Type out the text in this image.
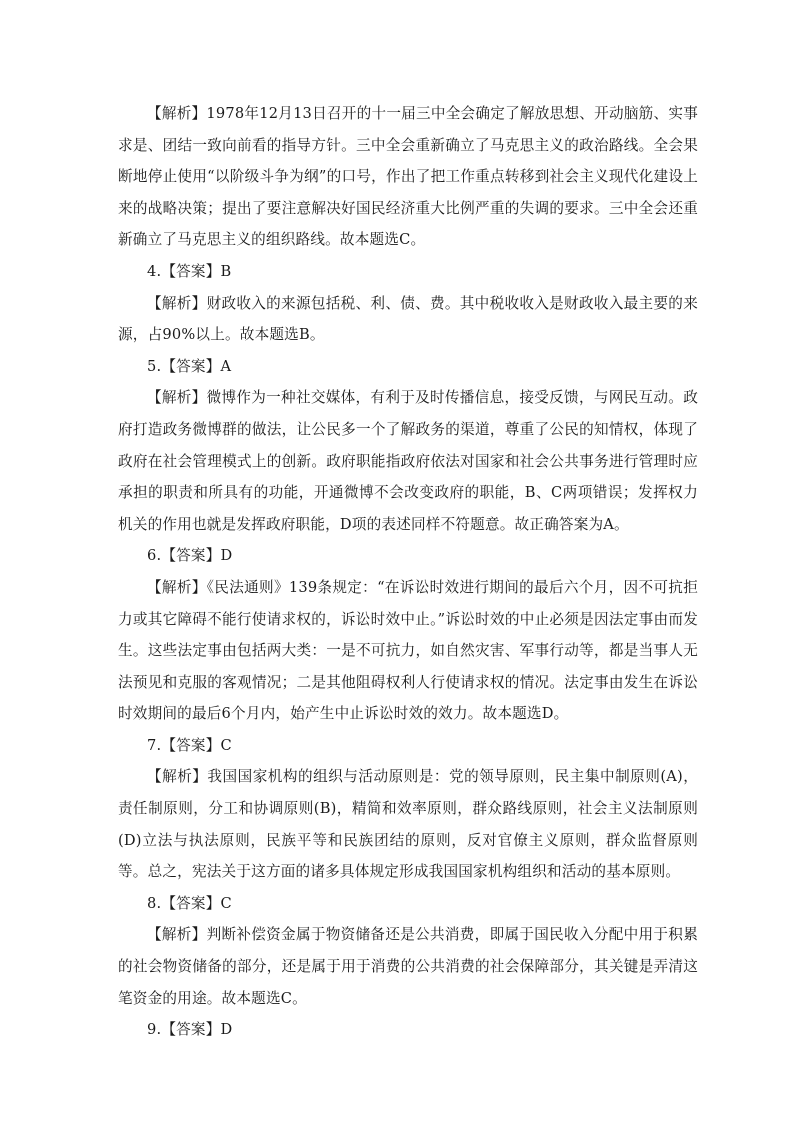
【解析】1978年12月13日召开的十一届三中全会确定了解放思想、开动脑筋、实事求是、团结一致向前看的指导方针。三中全会重新确立了马克思主义的政治路线。全会果断地停止使用“以阶级斗争为纲”的口号，作出了把工作重点转移到社会主义现代化建设上来的战略决策；提出了要注意解决好国民经济重大比例严重的失调的要求。三中全会还重新确立了马克思主义的组织路线。故本题选C。

4.【答案】B

【解析】财政收入的来源包括税、利、债、费。其中税收收入是财政收入最主要的来源，占90%以上。故本题选B。

5.【答案】A

【解析】微博作为一种社交媒体，有利于及时传播信息，接受反馈，与网民互动。政府打造政务微博群的做法，让公民多一个了解政务的渠道，尊重了公民的知情权，体现了政府在社会管理模式上的创新。政府职能指政府依法对国家和社会公共事务进行管理时应承担的职责和所具有的功能，开通微博不会改变政府的职能，B、C两项错误；发挥权力机关的作用也就是发挥政府职能，D项的表述同样不符题意。故正确答案为A。

6.【答案】D

【解析】《民法通则》139条规定：“在诉讼时效进行期间的最后六个月，因不可抗拒力或其它障碍不能行使请求权的，诉讼时效中止。”诉讼时效的中止必须是因法定事由而发生。这些法定事由包括两大类：一是不可抗力，如自然灾害、军事行动等，都是当事人无法预见和克服的客观情况；二是其他阻碍权利人行使请求权的情况。法定事由发生在诉讼时效期间的最后6个月内，始产生中止诉讼时效的效力。故本题选D。

7.【答案】C

【解析】我国国家机构的组织与活动原则是：党的领导原则，民主集中制原则(A)，责任制原则，分工和协调原则(B)，精简和效率原则，群众路线原则，社会主义法制原则(D)立法与执法原则，民族平等和民族团结的原则，反对官僚主义原则，群众监督原则等。总之，宪法关于这方面的诸多具体规定形成我国国家机构组织和活动的基本原则。

8.【答案】C

【解析】判断补偿资金属于物资储备还是公共消费，即属于国民收入分配中用于积累的社会物资储备的部分，还是属于用于消费的公共消费的社会保障部分，其关键是弄清这笔资金的用途。故本题选C。

9.【答案】D
